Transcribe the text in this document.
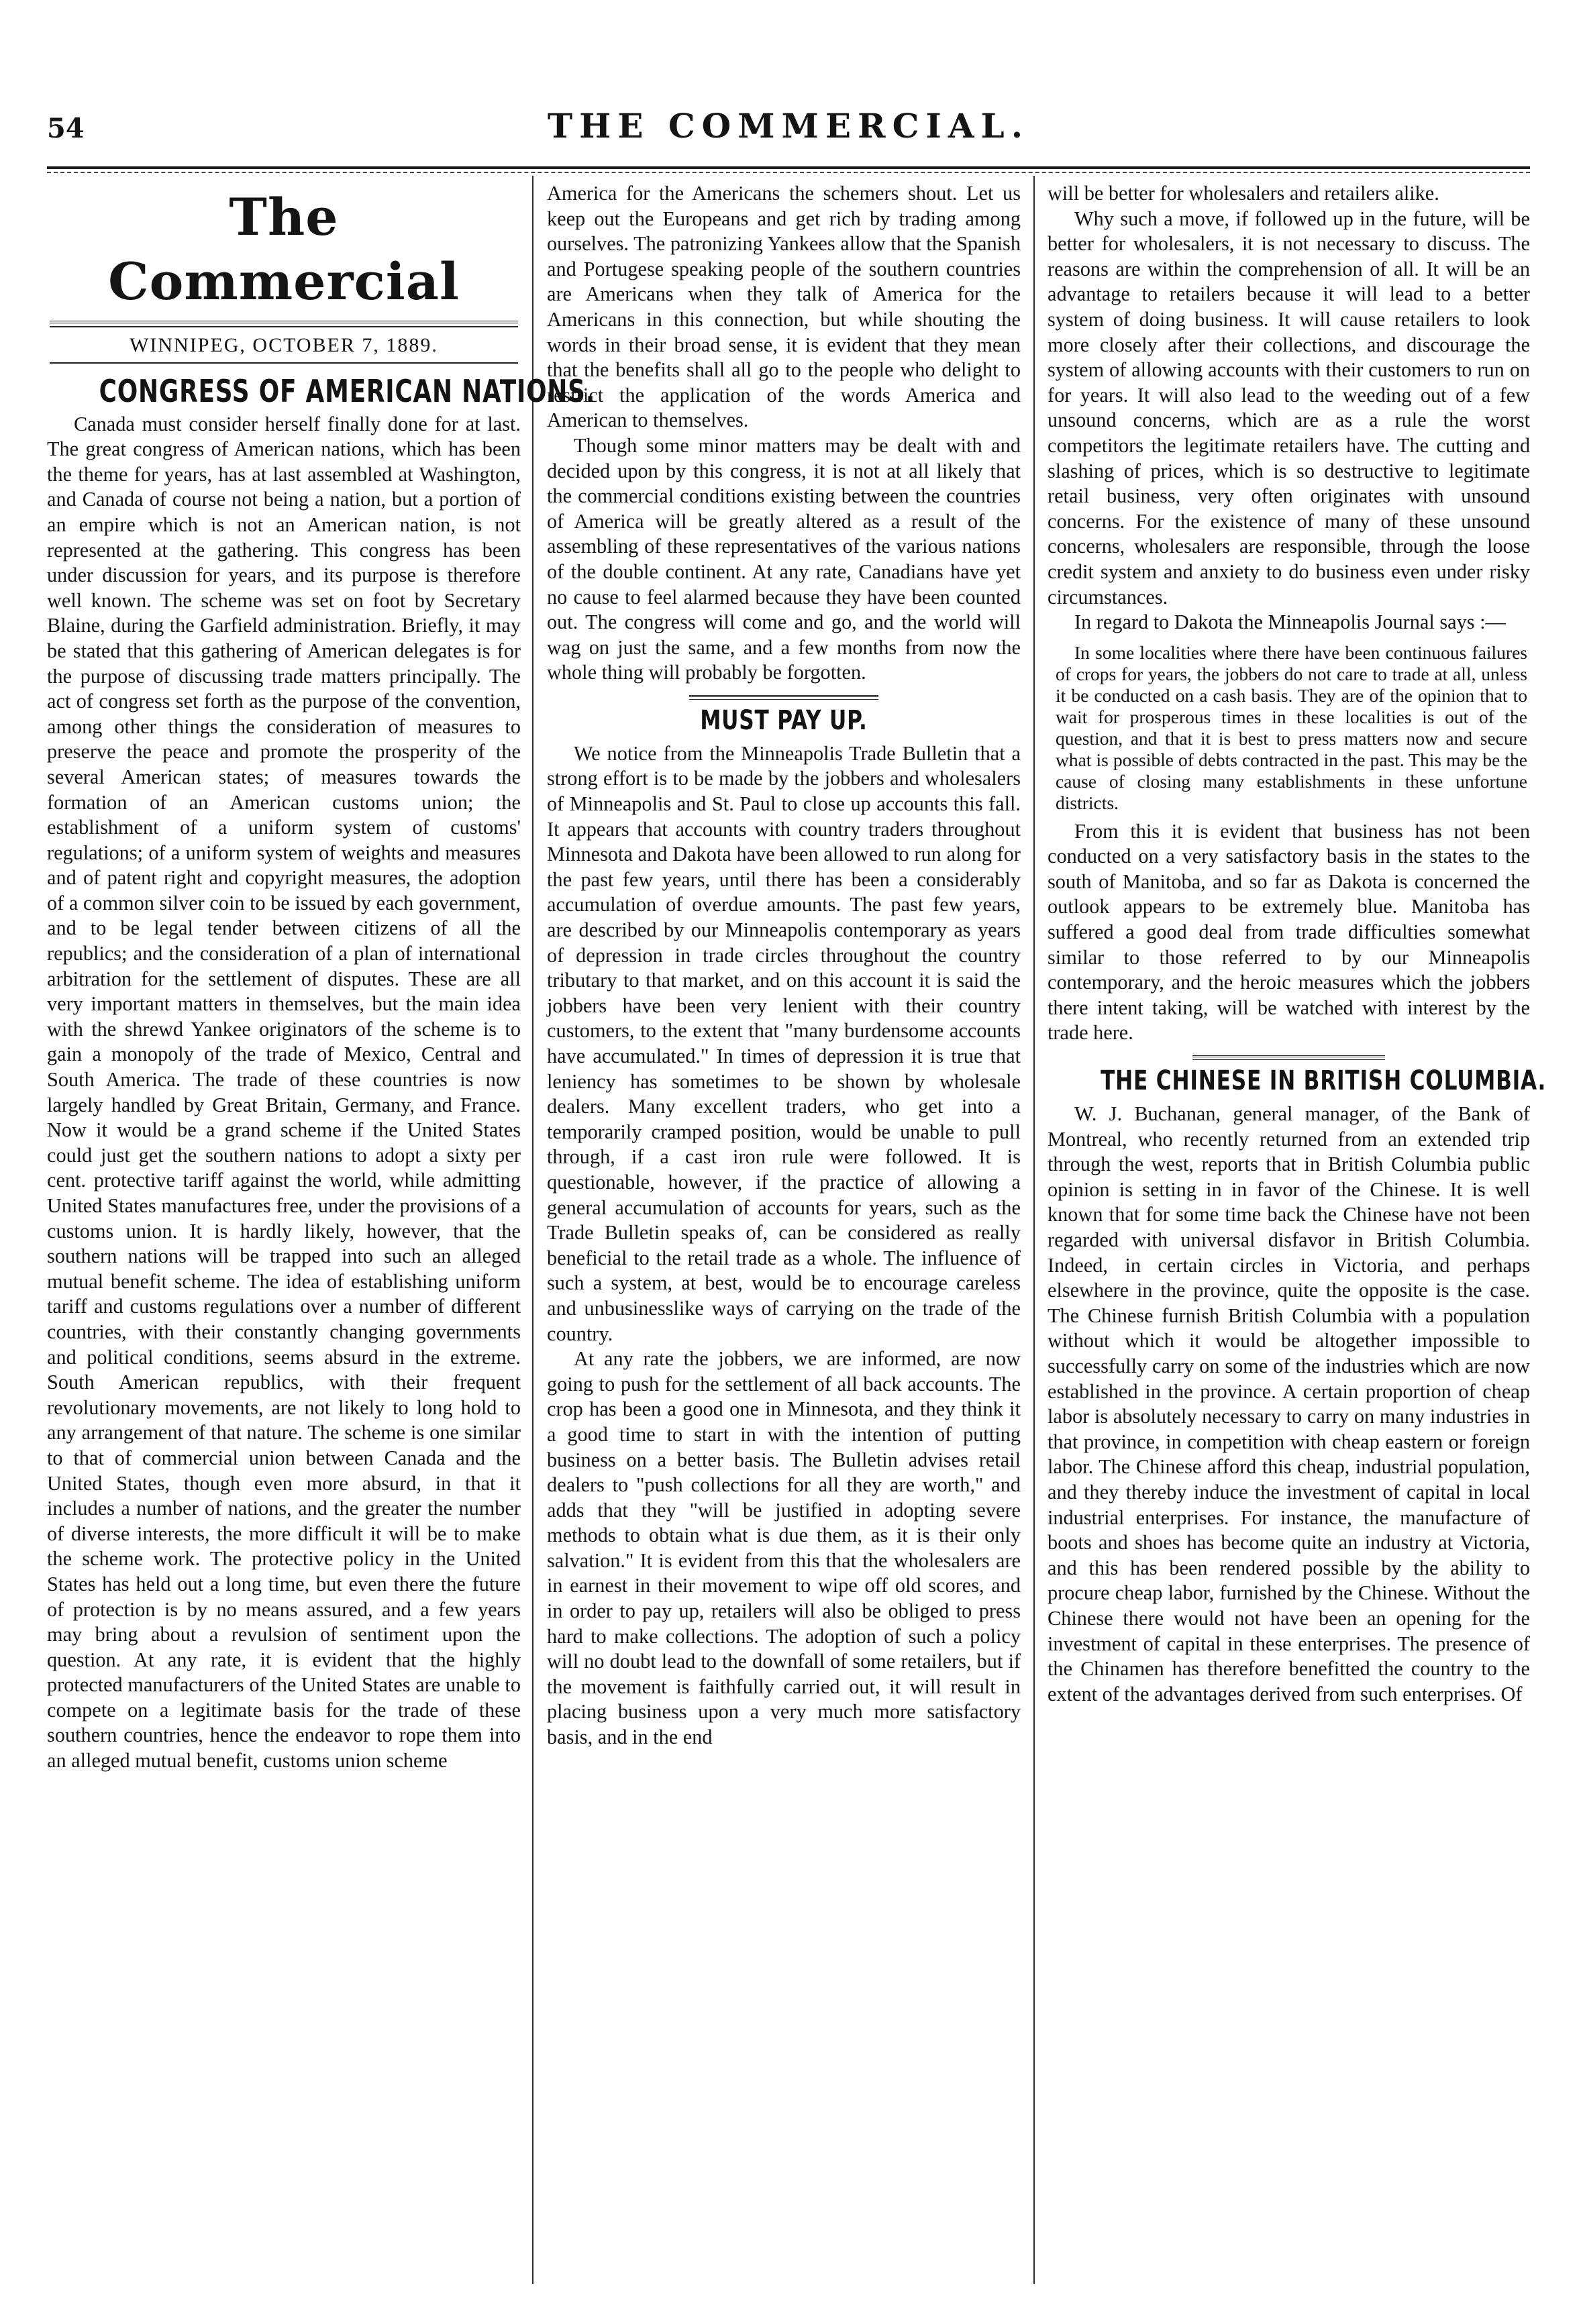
54	THE COMMERCIAL.
The Commercial
WINNIPEG, OCTOBER 7, 1889.
CONGRESS OF AMERICAN NATIONS.

Canada must consider herself finally done for at last. The great congress of American nations, which has been the theme for years, has at last assembled at Washington, and Canada of course not being a nation, but a portion of an empire which is not an American nation, is not represented at the gathering. This congress has been under discussion for years, and its purpose is therefore well known. The scheme was set on foot by Secretary Blaine, during the Garfield administration. Briefly, it may be stated that this gathering of American delegates is for the purpose of discussing trade matters principally. The act of congress set forth as the purpose of the convention, among other things the consideration of measures to preserve the peace and promote the prosperity of the several American states; of measures towards the formation of an American customs union; the establishment of a uniform system of customs' regulations; of a uniform system of weights and measures and of patent right and copyright measures, the adoption of a common silver coin to be issued by each government, and to be legal tender between citizens of all the republics; and the consideration of a plan of international arbitration for the settlement of disputes. These are all very important matters in themselves, but the main idea with the shrewd Yankee originators of the scheme is to gain a monopoly of the trade of Mexico, Central and South America. The trade of these countries is now largely handled by Great Britain, Germany, and France. Now it would be a grand scheme if the United States could just get the southern nations to adopt a sixty per cent. protective tariff against the world, while admitting United States manufactures free, under the provisions of a customs union. It is hardly likely, however, that the southern nations will be trapped into such an alleged mutual benefit scheme. The idea of establishing uniform tariff and customs regulations over a number of different countries, with their constantly changing governments and political conditions, seems absurd in the extreme. South American republics, with their frequent revolutionary movements, are not likely to long hold to any arrangement of that nature. The scheme is one similar to that of commercial union between Canada and the United States, though even more absurd, in that it includes a number of nations, and the greater the number of diverse interests, the more difficult it will be to make the scheme work. The protective policy in the United States has held out a long time, but even there the future of protection is by no means assured, and a few years may bring about a revulsion of sentiment upon the question. At any rate, it is evident that the highly protected manufacturers of the United States are unable to compete on a legitimate basis for the trade of these southern countries, hence the endeavor to rope them into an alleged mutual benefit, customs union scheme

America for the Americans the schemers shout. Let us keep out the Europeans and get rich by trading among ourselves. The patronizing Yankees allow that the Spanish and Portugese speaking people of the southern countries are Americans when they talk of America for the Americans in this connection, but while shouting the words in their broad sense, it is evident that they mean that the benefits shall all go to the people who delight to restrict the application of the words America and American to themselves.

Though some minor matters may be dealt with and decided upon by this congress, it is not at all likely that the commercial conditions existing between the countries of America will be greatly altered as a result of the assembling of these representatives of the various nations of the double continent. At any rate, Canadians have yet no cause to feel alarmed because they have been counted out. The congress will come and go, and the world will wag on just the same, and a few months from now the whole thing will probably be forgotten.

MUST PAY UP.

We notice from the Minneapolis Trade Bulletin that a strong effort is to be made by the jobbers and wholesalers of Minneapolis and St. Paul to close up accounts this fall. It appears that accounts with country traders throughout Minnesota and Dakota have been allowed to run along for the past few years, until there has been a considerably accumulation of overdue amounts. The past few years, are described by our Minneapolis contemporary as years of depression in trade circles throughout the country tributary to that market, and on this account it is said the jobbers have been very lenient with their country customers, to the extent that "many burdensome accounts have accumulated." In times of depression it is true that leniency has sometimes to be shown by wholesale dealers. Many excellent traders, who get into a temporarily cramped position, would be unable to pull through, if a cast iron rule were followed. It is questionable, however, if the practice of allowing a general accumulation of accounts for years, such as the Trade Bulletin speaks of, can be considered as really beneficial to the retail trade as a whole. The influence of such a system, at best, would be to encourage careless and unbusinesslike ways of carrying on the trade of the country.

At any rate the jobbers, we are informed, are now going to push for the settlement of all back accounts. The crop has been a good one in Minnesota, and they think it a good time to start in with the intention of putting business on a better basis. The Bulletin advises retail dealers to "push collections for all they are worth," and adds that they "will be justified in adopting severe methods to obtain what is due them, as it is their only salvation." It is evident from this that the wholesalers are in earnest in their movement to wipe off old scores, and in order to pay up, retailers will also be obliged to press hard to make collections. The adoption of such a policy will no doubt lead to the downfall of some retailers, but if the movement is faithfully carried out, it will result in placing business upon a very much more satisfactory basis, and in the end

will be better for wholesalers and retailers alike.

Why such a move, if followed up in the future, will be better for wholesalers, it is not necessary to discuss. The reasons are within the comprehension of all. It will be an advantage to retailers because it will lead to a better system of doing business. It will cause retailers to look more closely after their collections, and discourage the system of allowing accounts with their customers to run on for years. It will also lead to the weeding out of a few unsound concerns, which are as a rule the worst competitors the legitimate retailers have. The cutting and slashing of prices, which is so destructive to legitimate retail business, very often originates with unsound concerns. For the existence of many of these unsound concerns, wholesalers are responsible, through the loose credit system and anxiety to do business even under risky circumstances.

In regard to Dakota the Minneapolis Journal says :—

In some localities where there have been continuous failures of crops for years, the jobbers do not care to trade at all, unless it be conducted on a cash basis. They are of the opinion that to wait for prosperous times in these localities is out of the question, and that it is best to press matters now and secure what is possible of debts contracted in the past. This may be the cause of closing many establishments in these unfortune districts.

From this it is evident that business has not been conducted on a very satisfactory basis in the states to the south of Manitoba, and so far as Dakota is concerned the outlook appears to be extremely blue. Manitoba has suffered a good deal from trade difficulties somewhat similar to those referred to by our Minneapolis contemporary, and the heroic measures which the jobbers there intent taking, will be watched with interest by the trade here.

THE CHINESE IN BRITISH COLUMBIA.

W. J. Buchanan, general manager, of the Bank of Montreal, who recently returned from an extended trip through the west, reports that in British Columbia public opinion is setting in in favor of the Chinese. It is well known that for some time back the Chinese have not been regarded with universal disfavor in British Columbia. Indeed, in certain circles in Victoria, and perhaps elsewhere in the province, quite the opposite is the case. The Chinese furnish British Columbia with a population without which it would be altogether impossible to successfully carry on some of the industries which are now established in the province. A certain proportion of cheap labor is absolutely necessary to carry on many industries in that province, in competition with cheap eastern or foreign labor. The Chinese afford this cheap, industrial population, and they thereby induce the investment of capital in local industrial enterprises. For instance, the manufacture of boots and shoes has become quite an industry at Victoria, and this has been rendered possible by the ability to procure cheap labor, furnished by the Chinese. Without the Chinese there would not have been an opening for the investment of capital in these enterprises. The presence of the Chinamen has therefore benefitted the country to the extent of the advantages derived from such enterprises. Of
